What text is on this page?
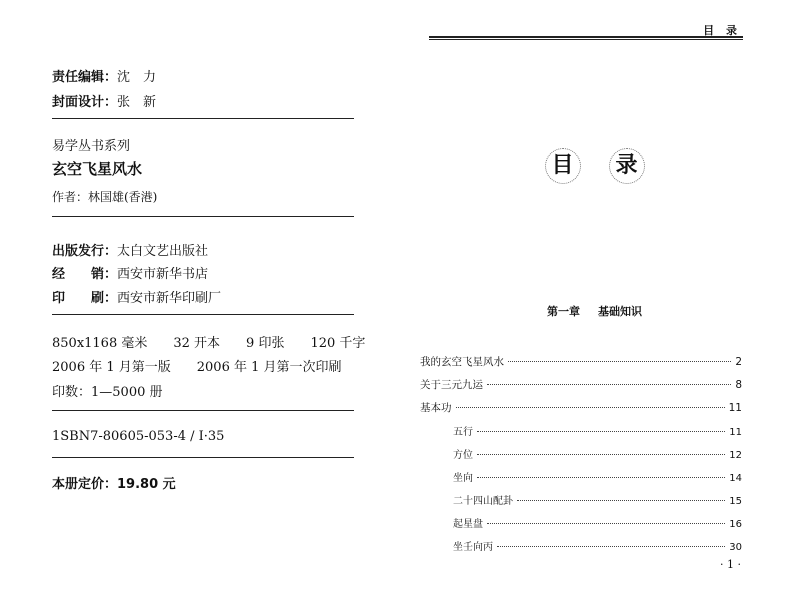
责任编辑：沈　力
封面设计：张　新
易学丛书系列
玄空飞星风水
作者：林国雄(香港)
出版发行：太白文艺出版社
经　　销：西安市新华书店
印　　刷：西安市新华印刷厂
850x1168 毫米　　32 开本　　9 印张　　120 千字
2006 年 1 月第一版　　2006 年 1 月第一次印刷
印数：1—5000 册
1SBN7-80605-053-4 / I·35
本册定价：19.80 元
目 录
目 录
第一章 基础知识
我的玄空飞星风水	2
关于三元九运	8
基本功	11
五行	11
方位	12
坐向	14
二十四山配卦	15
起星盘	16
坐壬向丙	30
· 1 ·
